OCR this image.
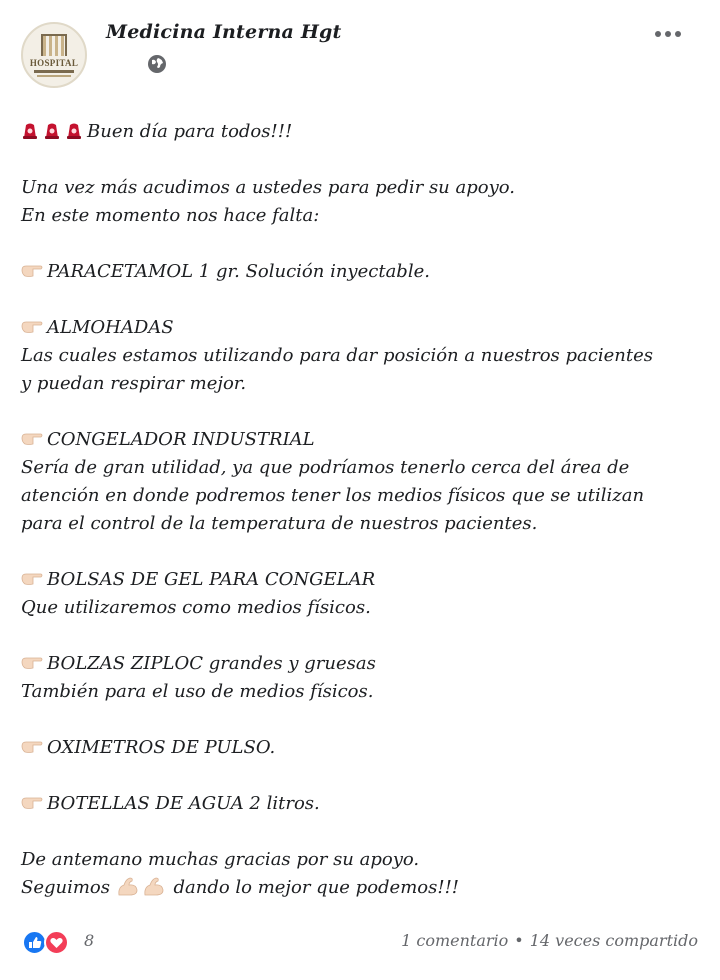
HOSPITAL
Medicina Interna Hgt
Buen día para todos!!!
Una vez más acudimos a ustedes para pedir su apoyo.
En este momento nos hace falta:
PARACETAMOL 1 gr. Solución inyectable.
ALMOHADAS
Las cuales estamos utilizando para dar posición a nuestros pacientes
y puedan respirar mejor.
CONGELADOR INDUSTRIAL
Sería de gran utilidad, ya que podríamos tenerlo cerca del área de
atención en donde podremos tener los medios físicos que se utilizan
para el control de la temperatura de nuestros pacientes.
BOLSAS DE GEL PARA CONGELAR
Que utilizaremos como medios físicos.
BOLZAS ZIPLOC grandes y gruesas
También para el uso de medios físicos.
OXIMETROS DE PULSO.
BOTELLAS DE AGUA 2 litros.
De antemano muchas gracias por su apoyo.
Seguimos	dando lo mejor que podemos!!!
8	1 comentario • 14 veces compartido
